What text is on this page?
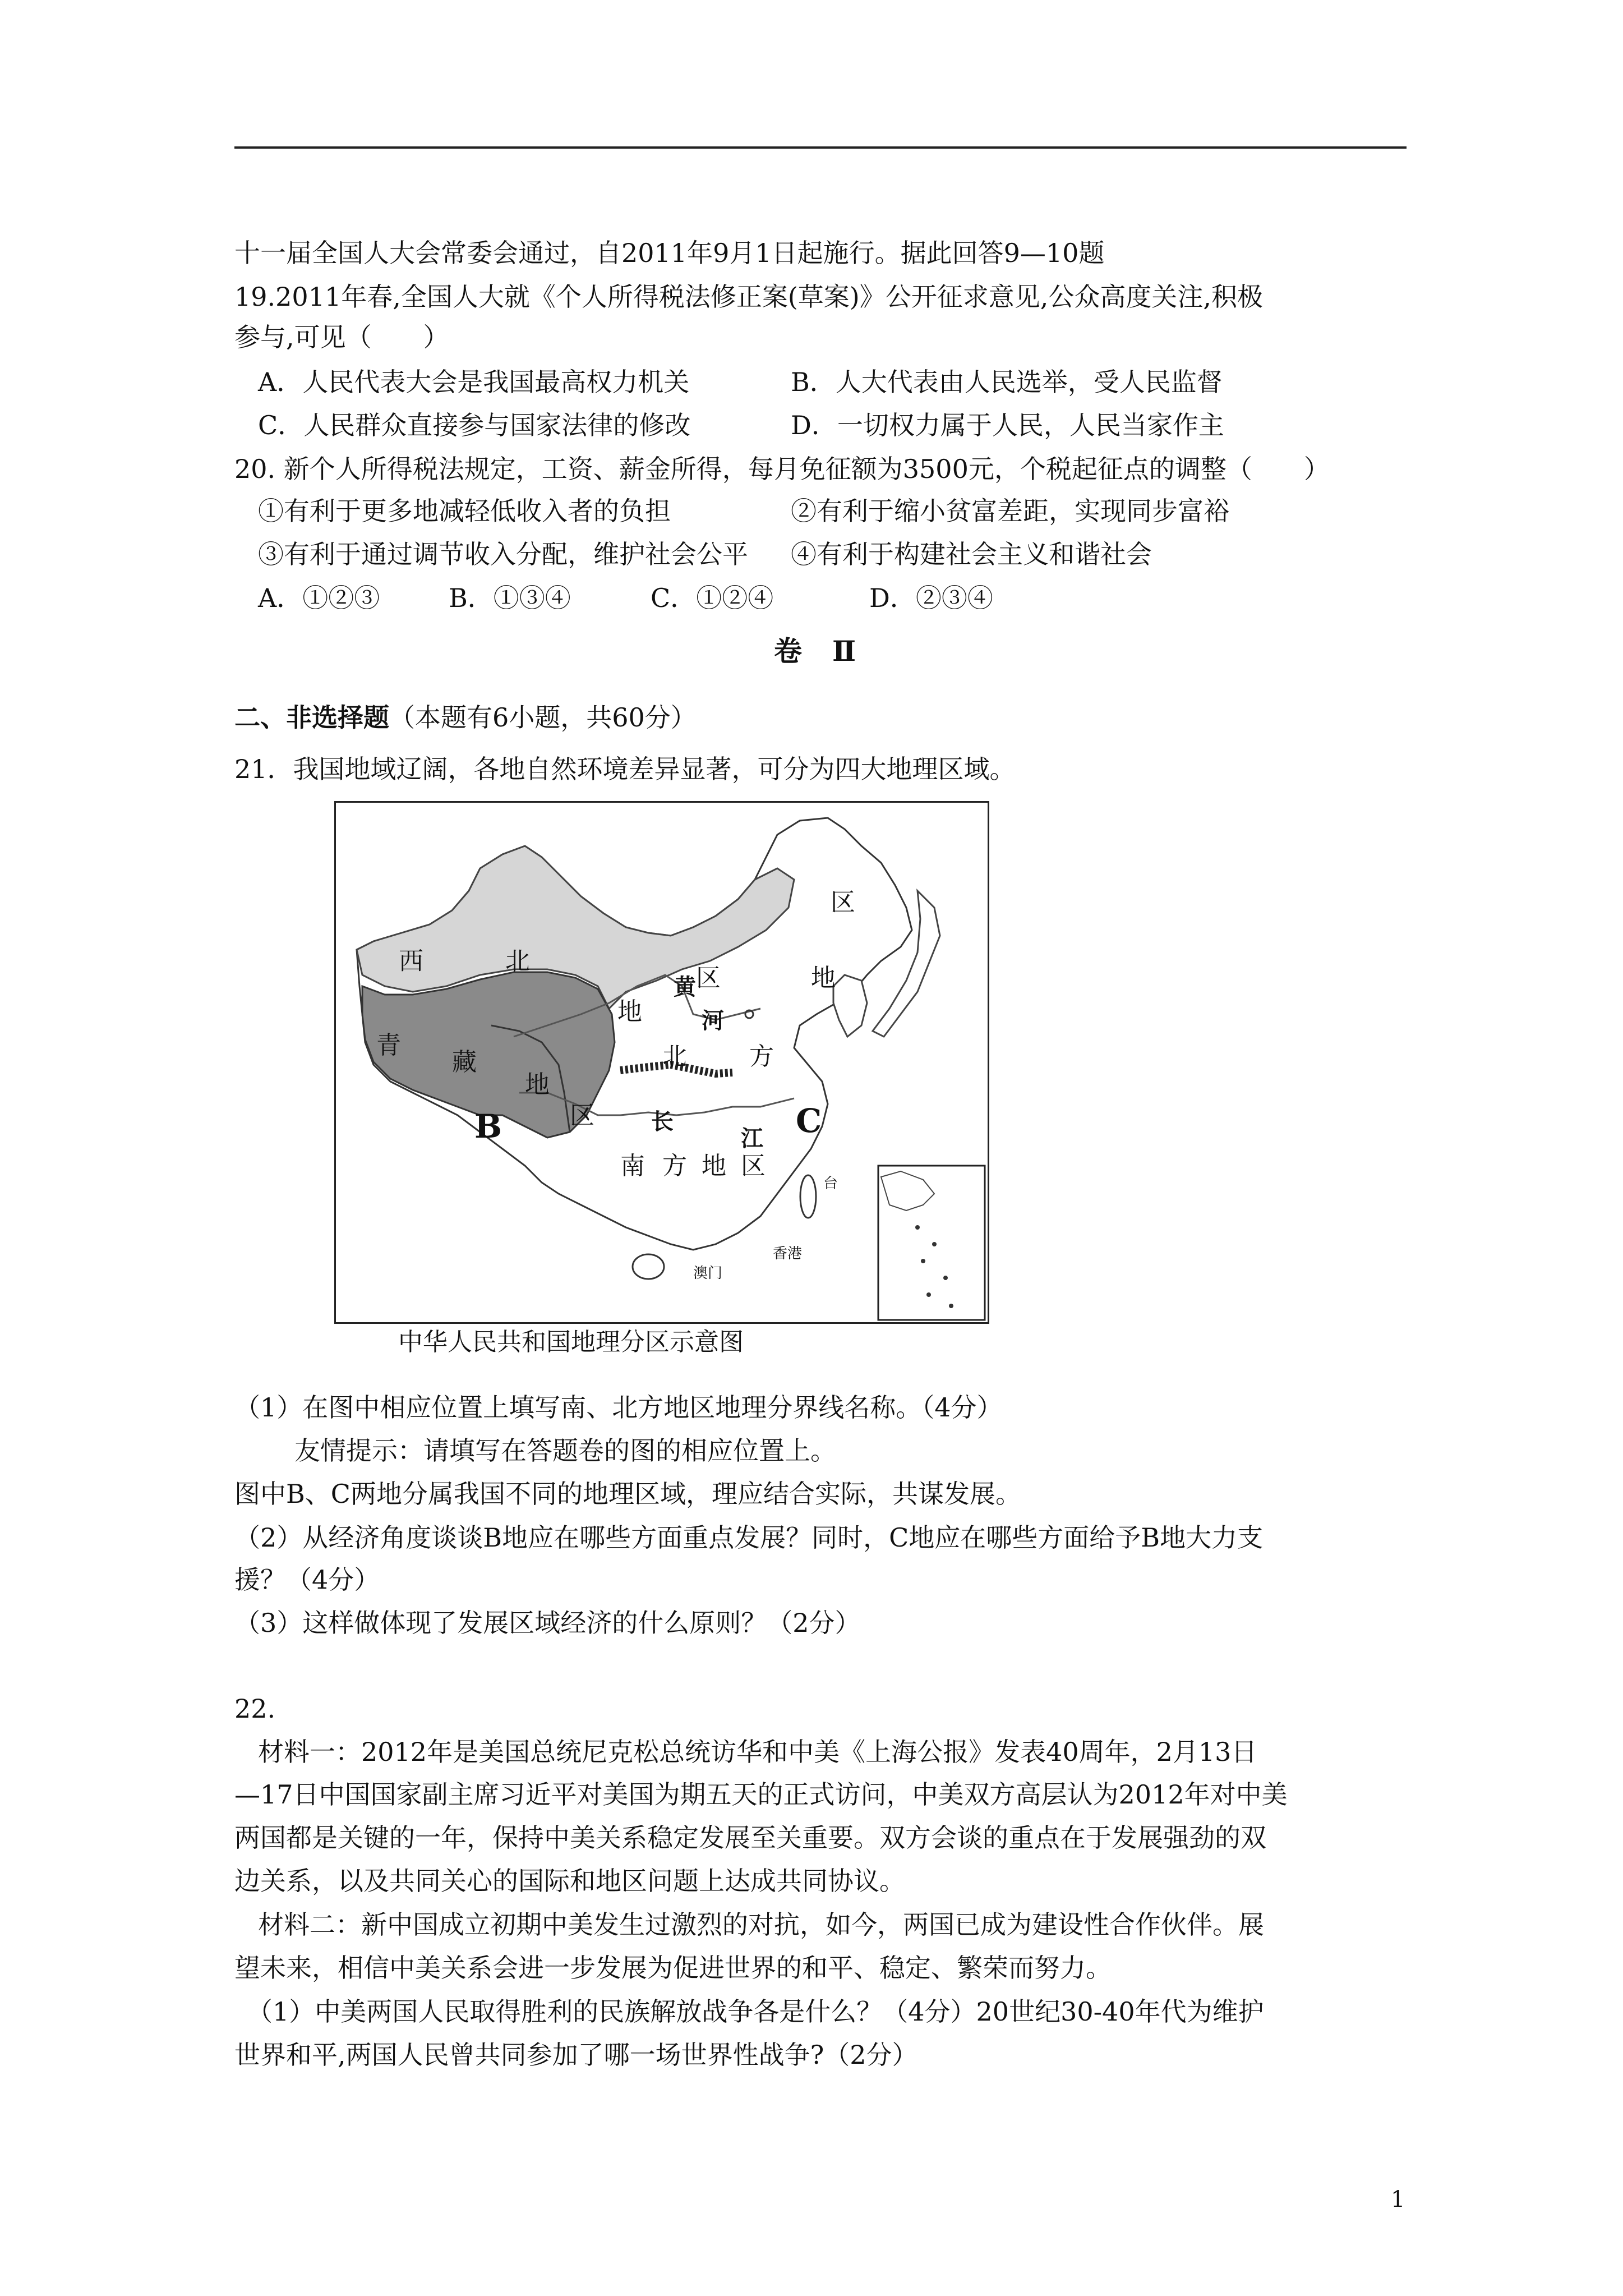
十一届全国人大会常委会通过，自2011年9月1日起施行。据此回答9—10题
19.2011年春,全国人大就《个人所得税法修正案(草案)》公开征求意见,公众高度关注,积极
参与,可见（　　）
A．人民代表大会是我国最高权力机关	B．人大代表由人民选举，受人民监督
C．人民群众直接参与国家法律的修改	D．一切权力属于人民，人民当家作主
20. 新个人所得税法规定，工资、薪金所得，每月免征额为3500元，个税起征点的调整（　　）
①有利于更多地减轻低收入者的负担	②有利于缩小贫富差距，实现同步富裕
③有利于通过调节收入分配，维护社会公平 ④有利于构建社会主义和谐社会
A．①②③	B．①③④	C．①②④	D．②③④
卷　Ⅱ
二、非选择题（本题有6小题，共60分）
21．我国地域辽阔，各地自然环境差异显著，可分为四大地理区域。
西	北
地
青
藏
地
区
区	地
区
北	方
南 方 地 区
黄
河
长
江
B	C
台
香港
澳门
中华人民共和国地理分区示意图
（1）在图中相应位置上填写南、北方地区地理分界线名称。（4分）
友情提示：请填写在答题卷的图的相应位置上。
图中B、C两地分属我国不同的地理区域，理应结合实际，共谋发展。
（2）从经济角度谈谈B地应在哪些方面重点发展？同时，C地应在哪些方面给予B地大力支
援？（4分）
（3）这样做体现了发展区域经济的什么原则？（2分）
22.
材料一：2012年是美国总统尼克松总统访华和中美《上海公报》发表40周年，2月13日
—17日中国国家副主席习近平对美国为期五天的正式访问，中美双方高层认为2012年对中美
两国都是关键的一年，保持中美关系稳定发展至关重要。双方会谈的重点在于发展强劲的双
边关系，以及共同关心的国际和地区问题上达成共同协议。
材料二：新中国成立初期中美发生过激烈的对抗，如今，两国已成为建设性合作伙伴。展
望未来，相信中美关系会进一步发展为促进世界的和平、稳定、繁荣而努力。
（1）中美两国人民取得胜利的民族解放战争各是什么？（4分）20世纪30-40年代为维护
世界和平,两国人民曾共同参加了哪一场世界性战争?（2分）
1
